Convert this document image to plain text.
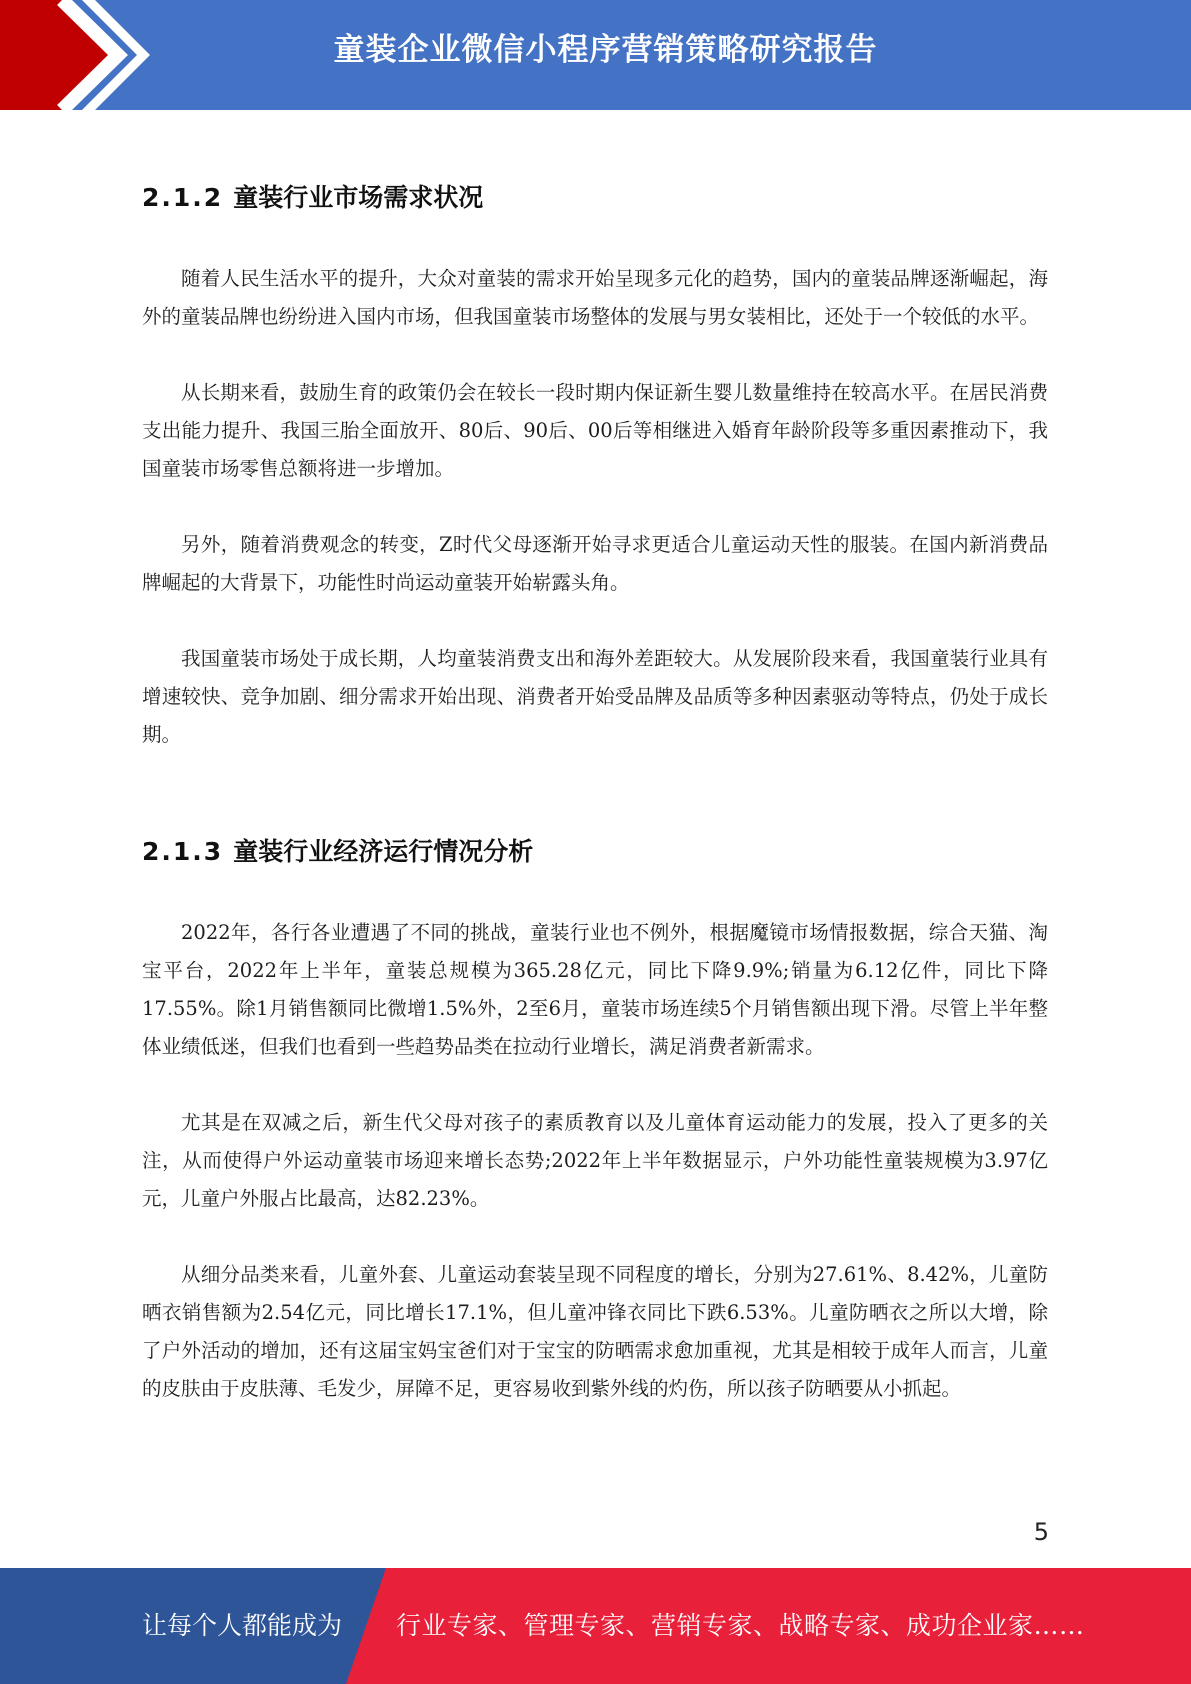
童装企业微信小程序营销策略研究报告
2.1.2 童装行业市场需求状况

随着人民生活水平的提升，大众对童装的需求开始呈现多元化的趋势，国内的童装品牌逐渐崛起，海外的童装品牌也纷纷进入国内市场，但我国童装市场整体的发展与男女装相比，还处于一个较低的水平。

从长期来看，鼓励生育的政策仍会在较长一段时期内保证新生婴儿数量维持在较高水平。在居民消费支出能力提升、我国三胎全面放开、80后、90后、00后等相继进入婚育年龄阶段等多重因素推动下，我国童装市场零售总额将进一步增加。

另外，随着消费观念的转变，Z时代父母逐渐开始寻求更适合儿童运动天性的服装。在国内新消费品牌崛起的大背景下，功能性时尚运动童装开始崭露头角。

我国童装市场处于成长期，人均童装消费支出和海外差距较大。从发展阶段来看，我国童装行业具有增速较快、竞争加剧、细分需求开始出现、消费者开始受品牌及品质等多种因素驱动等特点，仍处于成长期。

2.1.3 童装行业经济运行情况分析

2022年，各行各业遭遇了不同的挑战，童装行业也不例外，根据魔镜市场情报数据，综合天猫、淘宝平台，2022年上半年，童装总规模为365.28亿元，同比下降9.9%;销量为6.12亿件，同比下降17.55%。除1月销售额同比微增1.5%外，2至6月，童装市场连续5个月销售额出现下滑。尽管上半年整体业绩低迷，但我们也看到一些趋势品类在拉动行业增长，满足消费者新需求。

尤其是在双减之后，新生代父母对孩子的素质教育以及儿童体育运动能力的发展，投入了更多的关注，从而使得户外运动童装市场迎来增长态势;2022年上半年数据显示，户外功能性童装规模为3.97亿元，儿童户外服占比最高，达82.23%。

从细分品类来看，儿童外套、儿童运动套装呈现不同程度的增长，分别为27.61%、8.42%，儿童防晒衣销售额为2.54亿元，同比增长17.1%，但儿童冲锋衣同比下跌6.53%。儿童防晒衣之所以大增，除了户外活动的增加，还有这届宝妈宝爸们对于宝宝的防晒需求愈加重视，尤其是相较于成年人而言，儿童的皮肤由于皮肤薄、毛发少，屏障不足，更容易收到紫外线的灼伤，所以孩子防晒要从小抓起。

5
让每个人都能成为 行业专家、管理专家、营销专家、战略专家、成功企业家……
